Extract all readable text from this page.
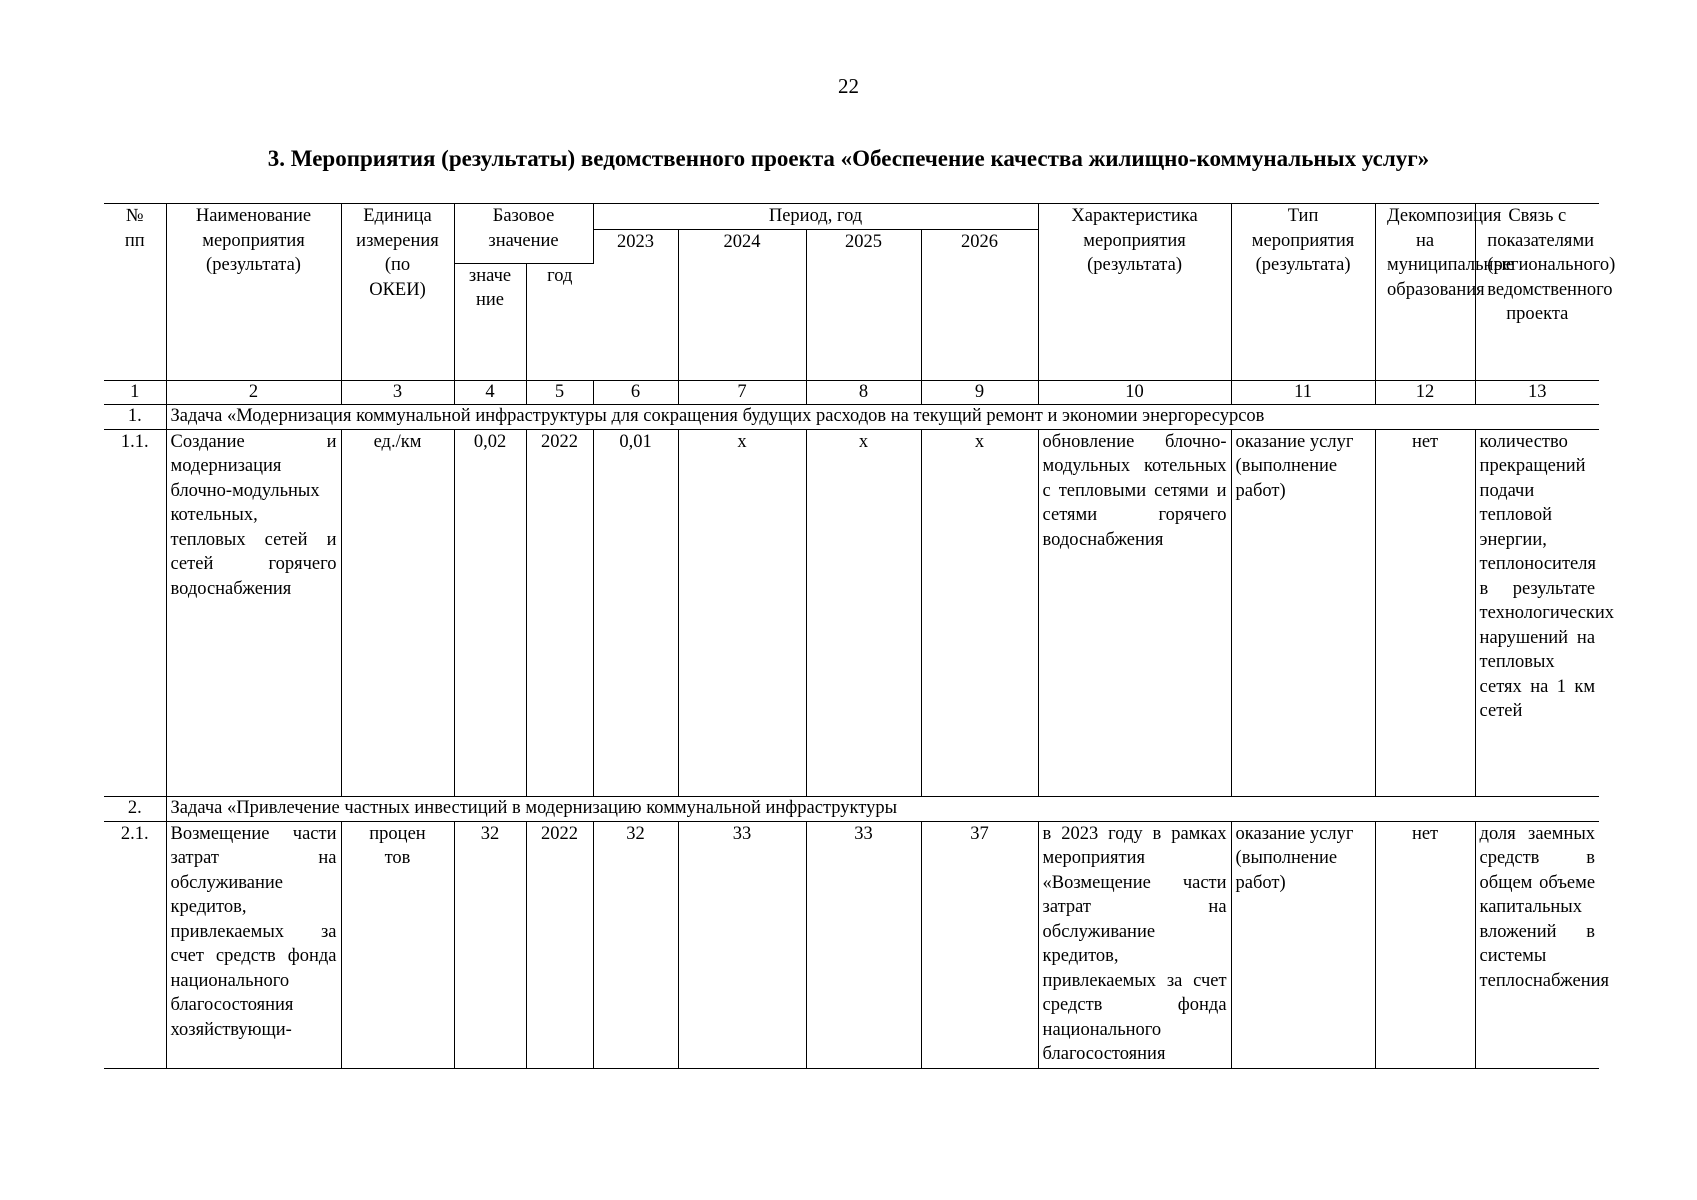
22
3. Мероприятия (результаты) ведомственного проекта «Обеспечение качества жилищно-коммунальных услуг»
№ пп	Наименование мероприятия (результата)	Единица измерения (по ОКЕИ)	Базовое значение		Период, год				Характеристика мероприятия (результата)	Тип мероприятия (результата)	Декомпозиция на муниципальные образования	Связь с показателями (регионального) ведомственного проекта

					2023	2024	2025	2026				

			значение	год								
1	2	3	4	5	6	7	8	9	10	11	12	13
1.	Задача «Модернизация коммунальной инфраструктуры для сокращения будущих расходов на текущий ремонт и экономии энергоресурсов											
1.1.	Создание и модернизация блочно-модульных котельных, тепловых сетей и сетей горячего водоснабжения	ед./км	0,02	2022	0,01	х	х	х	обновление блочно-модульных котельных с тепловыми сетями и сетями горячего водоснабжения	оказание услуг (выполнение работ)	нет	количество прекращений подачи тепловой энергии, теплоносителя в результате технологических нарушений на тепловых сетях на 1 км сетей
2.	Задача «Привлечение частных инвестиций в модернизацию коммунальной инфраструктуры											
2.1.	Возмещение части затрат на обслуживание кредитов, привлекаемых за счет средств фонда национального благосостояния хозяйствующи-	процентов	32	2022	32	33	33	37	в 2023 году в рамках мероприятия «Возмещение части затрат на обслуживание кредитов, привлекаемых за счет средств фонда национального благосостояния	оказание услуг (выполнение работ)	нет	доля заемных средств в общем объеме капитальных вложений в системы теплоснабжения
